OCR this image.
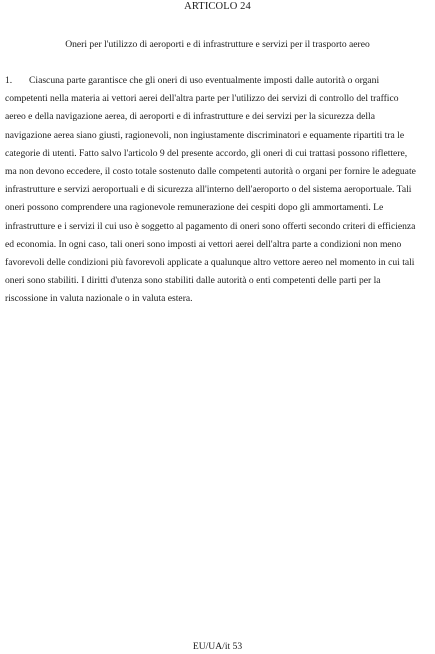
ARTICOLO 24
Oneri per l'utilizzo di aeroporti e di infrastrutture e servizi per il trasporto aereo
1. Ciascuna parte garantisce che gli oneri di uso eventualmente imposti dalle autorità o organi competenti nella materia ai vettori aerei dell'altra parte per l'utilizzo dei servizi di controllo del traffico aereo e della navigazione aerea, di aeroporti e di infrastrutture e dei servizi per la sicurezza della navigazione aerea siano giusti, ragionevoli, non ingiustamente discriminatori e equamente ripartiti tra le categorie di utenti. Fatto salvo l'articolo 9 del presente accordo, gli oneri di cui trattasi possono riflettere, ma non devono eccedere, il costo totale sostenuto dalle competenti autorità o organi per fornire le adeguate infrastrutture e servizi aeroportuali e di sicurezza all'interno dell'aeroporto o del sistema aeroportuale. Tali oneri possono comprendere una ragionevole remunerazione dei cespiti dopo gli ammortamenti. Le infrastrutture e i servizi il cui uso è soggetto al pagamento di oneri sono offerti secondo criteri di efficienza ed economia. In ogni caso, tali oneri sono imposti ai vettori aerei dell'altra parte a condizioni non meno favorevoli delle condizioni più favorevoli applicate a qualunque altro vettore aereo nel momento in cui tali oneri sono stabiliti. I diritti d'utenza sono stabiliti dalle autorità o enti competenti delle parti per la riscossione in valuta nazionale o in valuta estera.
EU/UA/it 53
